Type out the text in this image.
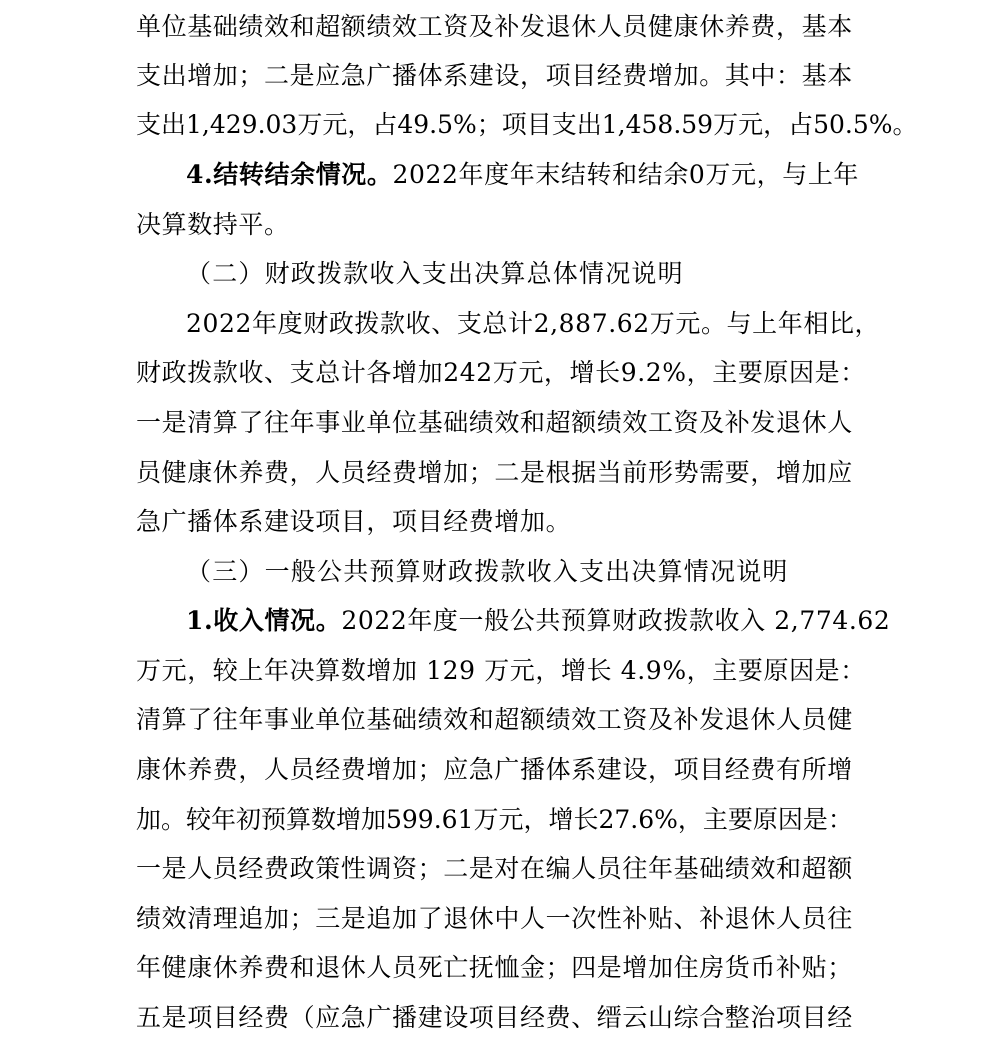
单位基础绩效和超额绩效工资及补发退休人员健康休养费，基本
支出增加；二是应急广播体系建设，项目经费增加。其中：基本
支出1,429.03万元，占49.5%；项目支出1,458.59万元，占50.5%。
4.结转结余情况。2022年度年末结转和结余0万元，与上年
决算数持平。
（二）财政拨款收入支出决算总体情况说明
2022年度财政拨款收、支总计2,887.62万元。与上年相比，
财政拨款收、支总计各增加242万元，增长9.2%，主要原因是：
一是清算了往年事业单位基础绩效和超额绩效工资及补发退休人
员健康休养费，人员经费增加；二是根据当前形势需要，增加应
急广播体系建设项目，项目经费增加。
（三）一般公共预算财政拨款收入支出决算情况说明
1.收入情况。2022年度一般公共预算财政拨款收入 2,774.62
万元，较上年决算数增加 129 万元，增长 4.9%，主要原因是：
清算了往年事业单位基础绩效和超额绩效工资及补发退休人员健
康休养费，人员经费增加；应急广播体系建设，项目经费有所增
加。较年初预算数增加599.61万元，增长27.6%，主要原因是：
一是人员经费政策性调资；二是对在编人员往年基础绩效和超额
绩效清理追加；三是追加了退休中人一次性补贴、补退休人员往
年健康休养费和退休人员死亡抚恤金；四是增加住房货币补贴；
五是项目经费（应急广播建设项目经费、缙云山综合整治项目经
